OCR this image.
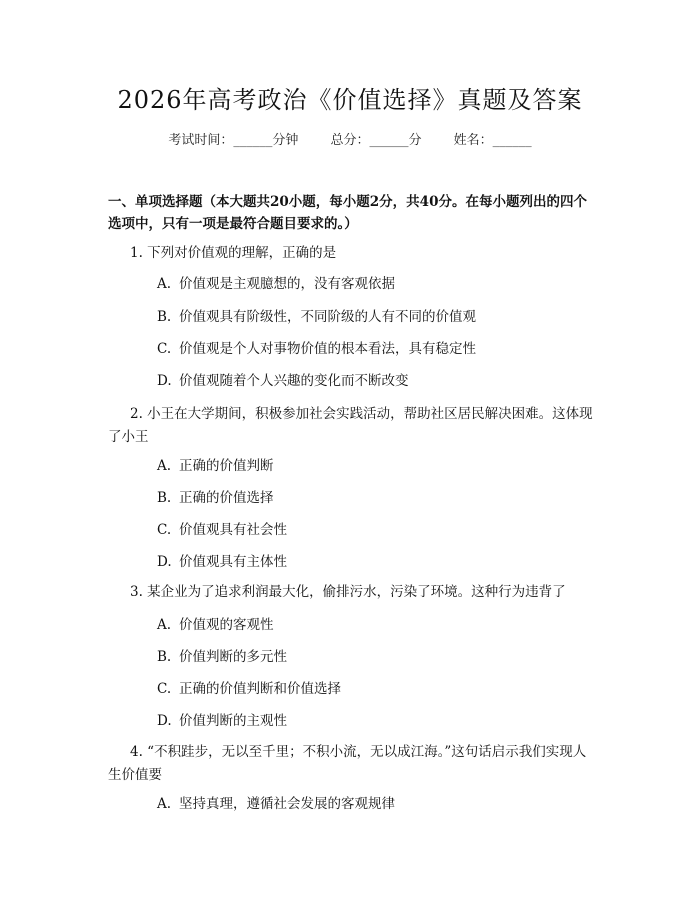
2026年高考政治《价值选择》真题及答案
考试时间：______分钟 总分：______分 姓名：______
一、单项选择题（本大题共20小题，每小题2分，共40分。在每小题列出的四个选项中，只有一项是最符合题目要求的。）
1. 下列对价值观的理解，正确的是
A. 价值观是主观臆想的，没有客观依据
B. 价值观具有阶级性，不同阶级的人有不同的价值观
C. 价值观是个人对事物价值的根本看法，具有稳定性
D. 价值观随着个人兴趣的变化而不断改变
2. 小王在大学期间，积极参加社会实践活动，帮助社区居民解决困难。这体现了小王
A. 正确的价值判断
B. 正确的价值选择
C. 价值观具有社会性
D. 价值观具有主体性
3. 某企业为了追求利润最大化，偷排污水，污染了环境。这种行为违背了
A. 价值观的客观性
B. 价值判断的多元性
C. 正确的价值判断和价值选择
D. 价值判断的主观性
4. “不积跬步，无以至千里；不积小流，无以成江海。”这句话启示我们实现人生价值要
A. 坚持真理，遵循社会发展的客观规律
